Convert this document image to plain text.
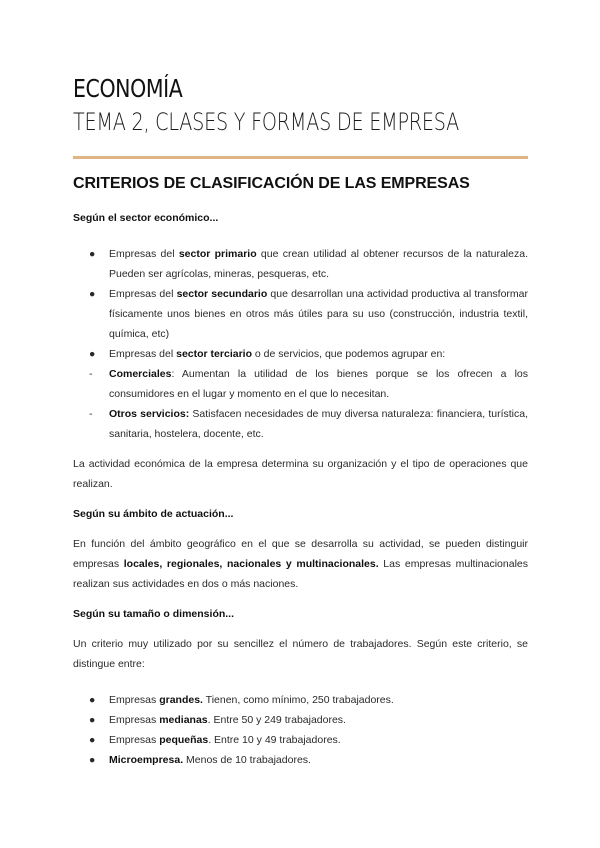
ECONOMÍA
TEMA 2, CLASES Y FORMAS DE EMPRESA
CRITERIOS DE CLASIFICACIÓN DE LAS EMPRESAS

Según el sector económico...

●	Empresas del sector primario que crean utilidad al obtener recursos de la naturaleza. Pueden ser agrícolas, mineras, pesqueras, etc.
●	Empresas del sector secundario que desarrollan una actividad productiva al transformar físicamente unos bienes en otros más útiles para su uso (construcción, industria textil, química, etc)
●	Empresas del sector terciario o de servicios, que podemos agrupar en:
-	Comerciales: Aumentan la utilidad de los bienes porque se los ofrecen a los consumidores en el lugar y momento en el que lo necesitan.
-	Otros servicios: Satisfacen necesidades de muy diversa naturaleza: financiera, turística, sanitaria, hostelera, docente, etc.

La actividad económica de la empresa determina su organización y el tipo de operaciones que realizan.

Según su ámbito de actuación...

En función del ámbito geográfico en el que se desarrolla su actividad, se pueden distinguir empresas locales, regionales, nacionales y multinacionales. Las empresas multinacionales realizan sus actividades en dos o más naciones.

Según su tamaño o dimensión...

Un criterio muy utilizado por su sencillez el número de trabajadores. Según este criterio, se distingue entre:

●	Empresas grandes. Tienen, como mínimo, 250 trabajadores.
●	Empresas medianas. Entre 50 y 249 trabajadores.
●	Empresas pequeñas. Entre 10 y 49 trabajadores.
●	Microempresa. Menos de 10 trabajadores.
